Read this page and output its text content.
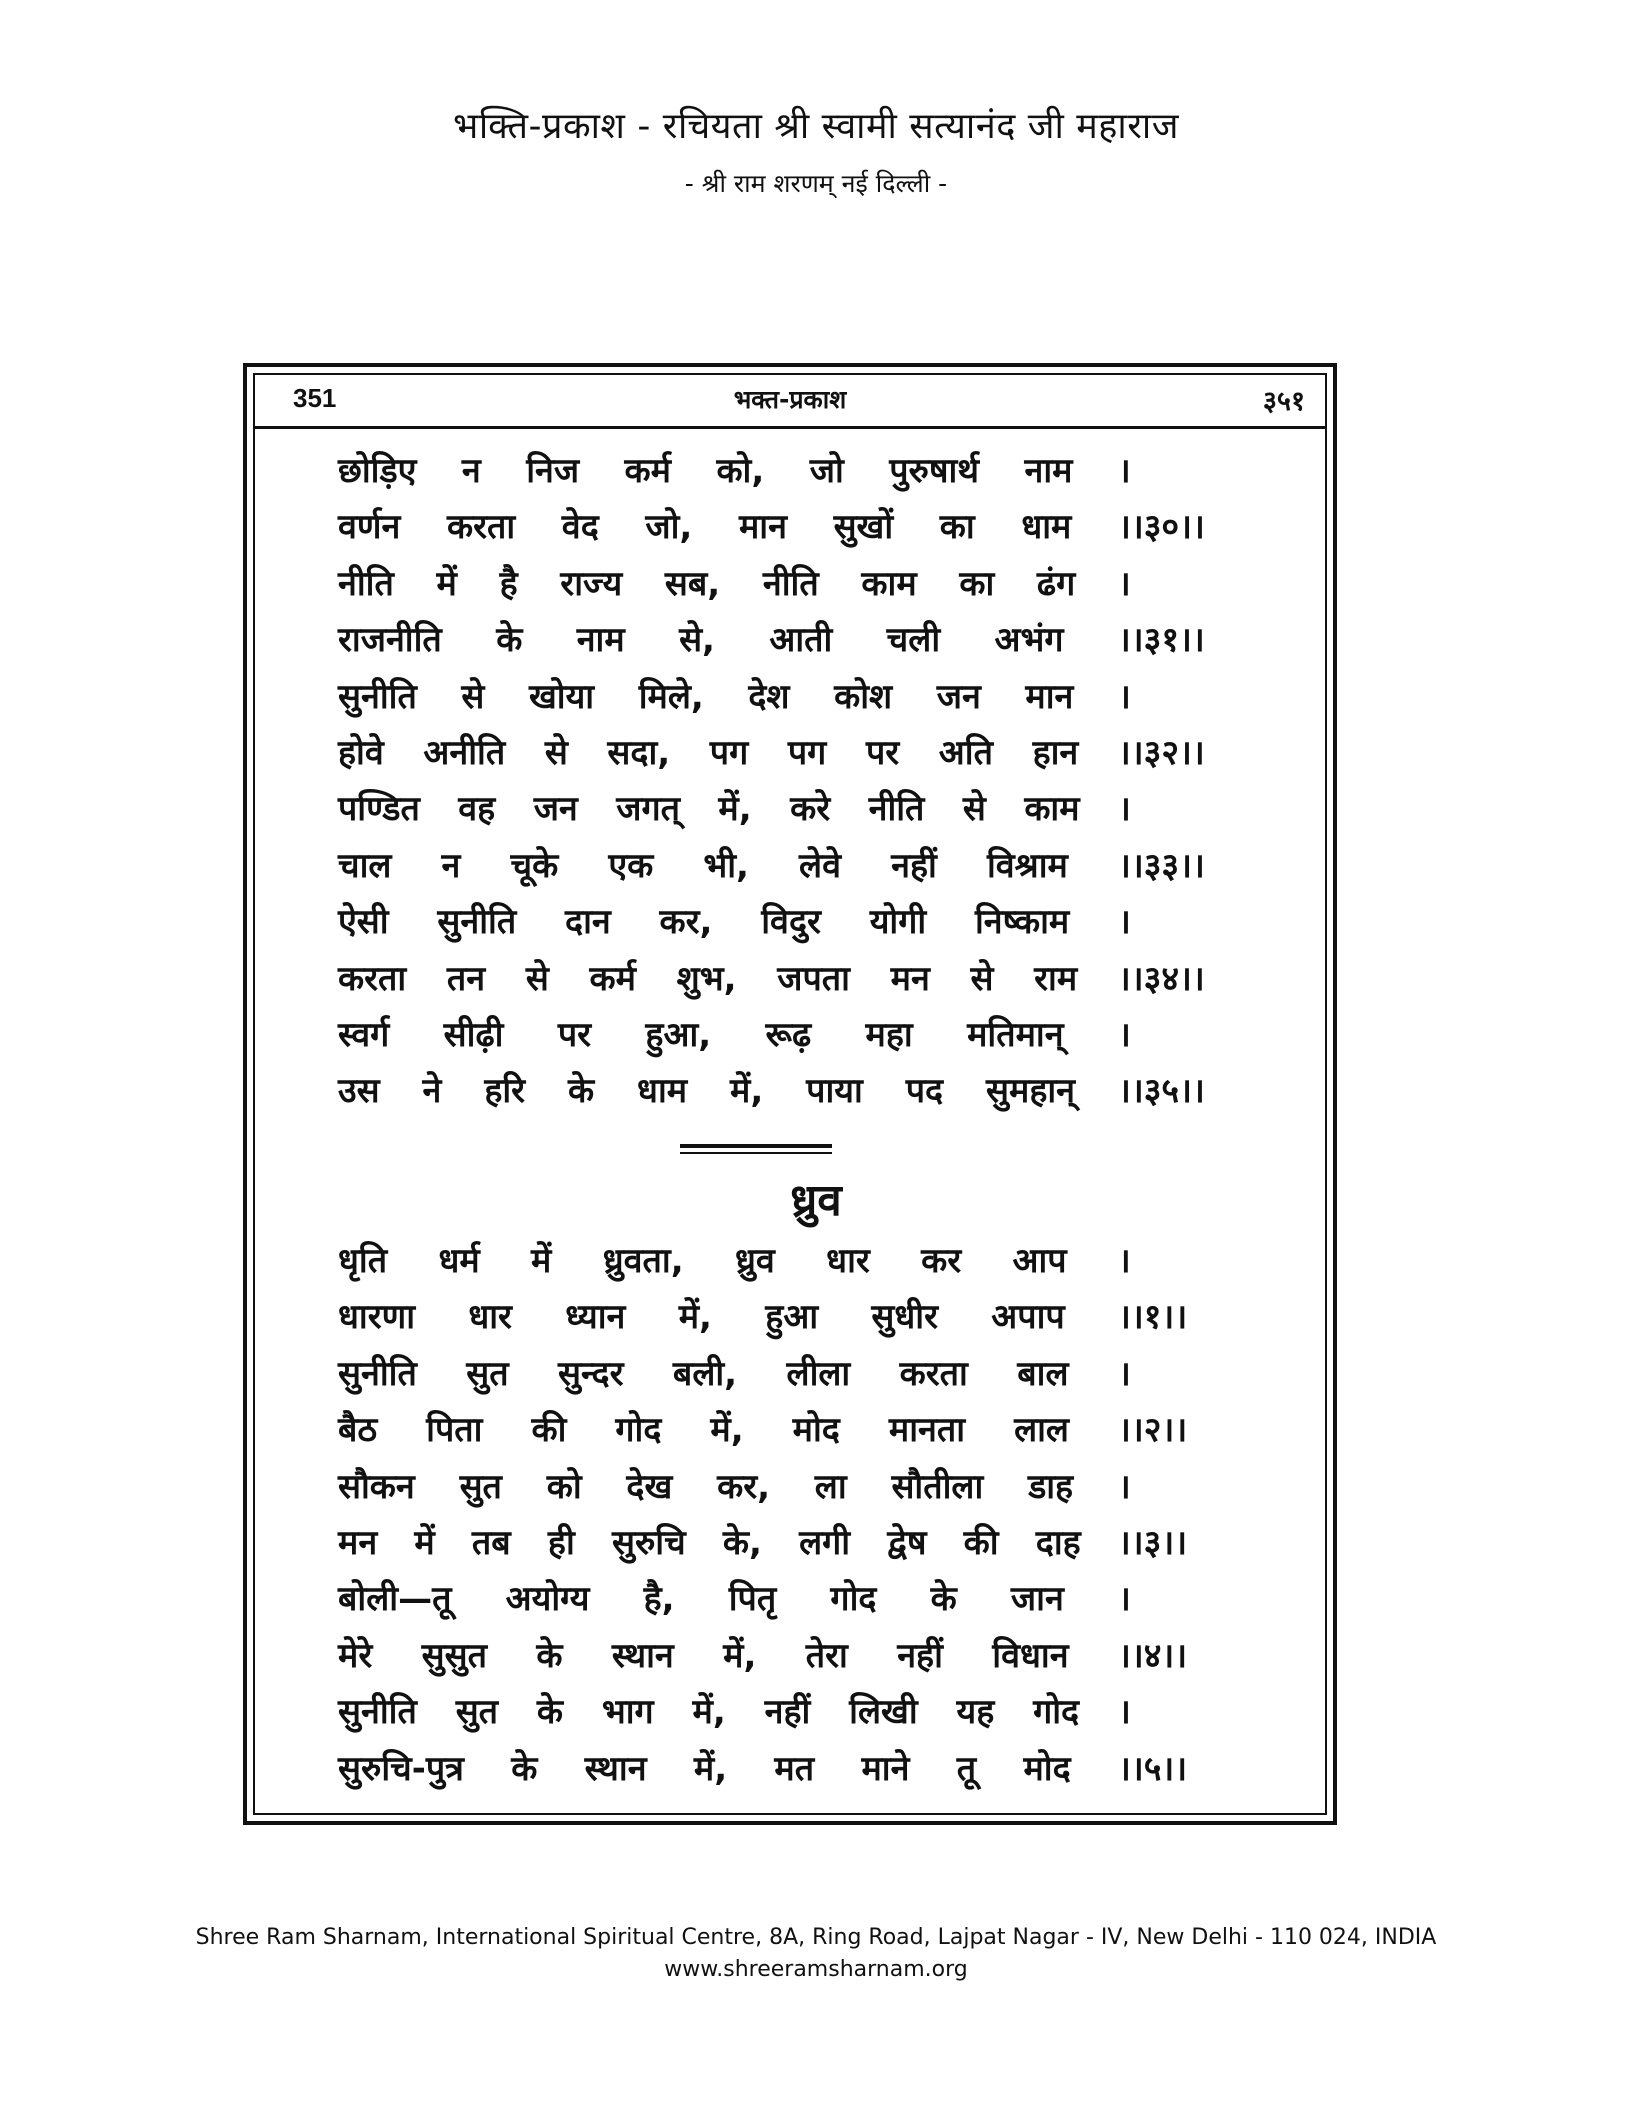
भक्ति-प्रकाश - रचियता श्री स्वामी सत्यानंद जी महाराज
- श्री राम शरणम् नई दिल्ली -
351	भक्त-प्रकाश	३५१
छोड़िए न निज कर्म को, जो पुरुषार्थ नाम ।
वर्णन करता वेद जो, मान सुखों का धाम ।।३०।।
नीति में है राज्य सब, नीति काम का ढंग ।
राजनीति के नाम से, आती चली अभंग ।।३१।।
सुनीति से खोया मिले, देश कोश जन मान ।
होवे अनीति से सदा, पग पग पर अति हान ।।३२।।
पण्डित वह जन जगत् में, करे नीति से काम ।
चाल न चूके एक भी, लेवे नहीं विश्राम ।।३३।।
ऐसी सुनीति दान कर, विदुर योगी निष्काम ।
करता तन से कर्म शुभ, जपता मन से राम ।।३४।।
स्वर्ग सीढ़ी पर हुआ, रूढ़ महा मतिमान् ।
उस ने हरि के धाम में, पाया पद सुमहान् ।।३५।।
ध्रुव
धृति धर्म में ध्रुवता, ध्रुव धार कर आप ।
धारणा धार ध्यान में, हुआ सुधीर अपाप ।।१।।
सुनीति सुत सुन्दर बली, लीला करता बाल ।
बैठ पिता की गोद में, मोद मानता लाल ।।२।।
सौकन सुत को देख कर, ला सौतीला डाह ।
मन में तब ही सुरुचि के, लगी द्वेष की दाह ।।३।।
बोली—तू अयोग्य है, पितृ गोद के जान ।
मेरे सुसुत के स्थान में, तेरा नहीं विधान ।।४।।
सुनीति सुत के भाग में, नहीं लिखी यह गोद ।
सुरुचि-पुत्र के स्थान में, मत माने तू मोद ।।५।।
Shree Ram Sharnam, International Spiritual Centre, 8A, Ring Road, Lajpat Nagar - IV, New Delhi - 110 024, INDIA
www.shreeramsharnam.org
